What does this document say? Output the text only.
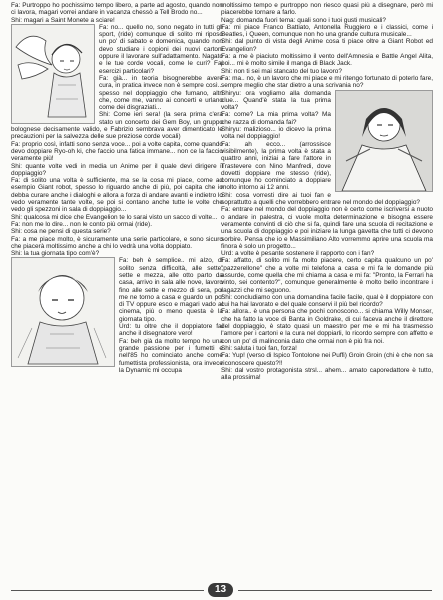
Fa: Purtroppo ho pochissimo tempo libero, a parte ad agosto, quando non ci lavora, magari vorrei andare in vacanza chessò a Tell Brodo no...

Shi: magari a Saint Monete a sciare!

Fa: no... quello no, sono negato in tutti gli sport, (ride) comunque di solito mi riposo un po' di sabato e domenica, quando non devo studiare i copioni dei nuovi cartoni oppure il lavorare sull'adattamento. Nagato e le tue corde vocali, come le curi? Fai esercizi particolari?

Fa: già... in teoria bisognerebbe avere cura, in pratica invece non è sempre così... spesso nel doppiaggio che fumano, altri che, come me, vanno ai concerti e urlano come dei disgraziati...

Shi: Come ieri sera! (la sera prima c'era stato un concerto dei Gem Boy, un gruppo bolognese decisamente valido, e Fabrizio sembrava aver dimenticato le precauzioni per la salvezza delle sue preziose corde vocali)

Fa: proprio così, infatti sono senza voce... poi a volte capita, come quando devo doppiare Ryo-oh ki, che faccio una fatica immane... non ce la faccio veramente più!

Shi: quante volte vedi in media un Anime per il quale devi dirigere il doppiaggio?

Fa: di solito una volta è sufficiente, ma se la cosa mi piace, come ad esempio Giant robot, spesso lo riguardo anche di più, poi capita che io debba curare anche i dialoghi e allora a forza di andare avanti e indietro lo vedo veramente tante volte, se poi si contano anche tutte le volte che vedo gli spezzoni in sala di doppiaggio...

Shi: qualcosa mi dice che Evangelion te lo sarai visto un sacco di volte...

Fa: non me lo dire... non le conto più ormai (ride).

Shi: cosa ne pensi di questa serie?

Fa: a me piace molto, è sicuramente una serie particolare, e sono sicuro che piacerà moltissimo anche a chi lo vedrà una volta doppiato.

Shi: la tua giornata tipo com'è?

Fa: beh è semplice.. mi alzo, di solito senza difficoltà, alle sette, sette e mezza, alle otto parto da casa, arrivo in sala alle nove, lavoro fino alle sette e mezzo di sera, poi me ne torno a casa e guardo un po' di TV oppure esco e magari vado al cinema, più o meno questa è la giornata tipo.

Urd: tu oltre che il doppiatore fai anche il disegnatore vero!

Fa: beh già da molto tempo ho una grande passione per i fumetti e nell'85 ho cominciato anche come fumettista professionista, ora invece la Dynamic mi occupa

moltissimo tempo e purtroppo non riesco quasi più a disegnare, però mi piacerebbe tornare a farlo.

Nag: domanda fuori tema: quali sono i tuoi gusti musicali?

Fa: mi piace Franco Battiato, Antonella Ruggiero e i classici, come i Beatles, i Queen, comunque non ho una grande cultura musicale...

Shi: dal punto di vista degli Anime cosa ti piace oltre a Giant Robot ed Evangelion?

Fa: a me è piaciuto moltissimo il vento dell'Amnesia e Battle Angel Alita, poi... mi è molto simile il manga di Black Jack.

Shi: non ti sei mai stancato del tuo lavoro?

Fa: ma.. no, è un lavoro che mi piace e mi ritengo fortunato di poterlo fare, sempre meglio che star dietro a una scrivania no?

Shiryu: ora vogliamo alla domanda clue... Quand'è stata la tua prima volta?

Fa: come? La mia prima volta? Ma che razza di domanda fai?

Shiryu: malizioso... io dicevo la prima volta nel doppiaggio!

Fa: ah ecco... (arrossisce visibilmente), la prima volta è stata a quattro anni, iniziai a fare l'attore in Trastevere con Nino Manfredi, dove dovetti doppiare me stesso (ride), comunque ho cominciato a doppiare molto intorno ai 12 anni.

Shi: cosa vorresti dire ai tuoi fan e soprattutto a quelli che vorrebbero entrare nel mondo del doppiaggio?

Fa: entrare nel mondo del doppiaggio non è certo come iscriversi a nuoto o andare in palestra, ci vuole molta determinazione e bisogna essere veramente convinti di ciò che si fa, quindi fare una scuola di recitazione e una scuola di doppiaggio e poi iniziare la lunga gavetta che tutti ci devono sorbire. Pensa che io e Massimiliano Alto vorremmo aprire una scuola ma finora è solo un progetto...

Urd: a volte è pesante sostenere il rapporto con i fan?

Fa: affatto, di solito mi fa molto piacere, certo capita qualcuno un po' "pazzerellone" che a volte mi telefona a casa e mi fa le domande più assurde, come quella che mi chiama a casa e mi fa: "Pronto, la Ferrari ha vinto, sei contento?", comunque generalmente è molto bello incontrare i ragazzi che mi seguono.

Shi: concludiamo con una domandina facile facile, qual è il doppiatore con cui ha hai lavorato e del quale conservi il più bel ricordo?

Fa: allora.. è una persona che pochi conoscono... si chiama Willy Monser, che ha fatto la voce di Banta in Goldrake, di cui faceva anche il direttore del doppiaggio, è stato quasi un maestro per me e mi ha trasmesso l'amore per i cartoni e la cura nel doppiarli, lo ricordo sempre con affetto e con un po' di malinconia dato che ormai non è più fra noi.

Shi: saluta i tuoi fan, forza!

Fa: Yup! (verso di Ispico Tontolone nei Puffi) Groin Groin (chi è che non sa riconoscere questo?!!

Shi: dal vostro protagonista strsl... ahem... amato caporedattore è tutto, alla prossima!

13
